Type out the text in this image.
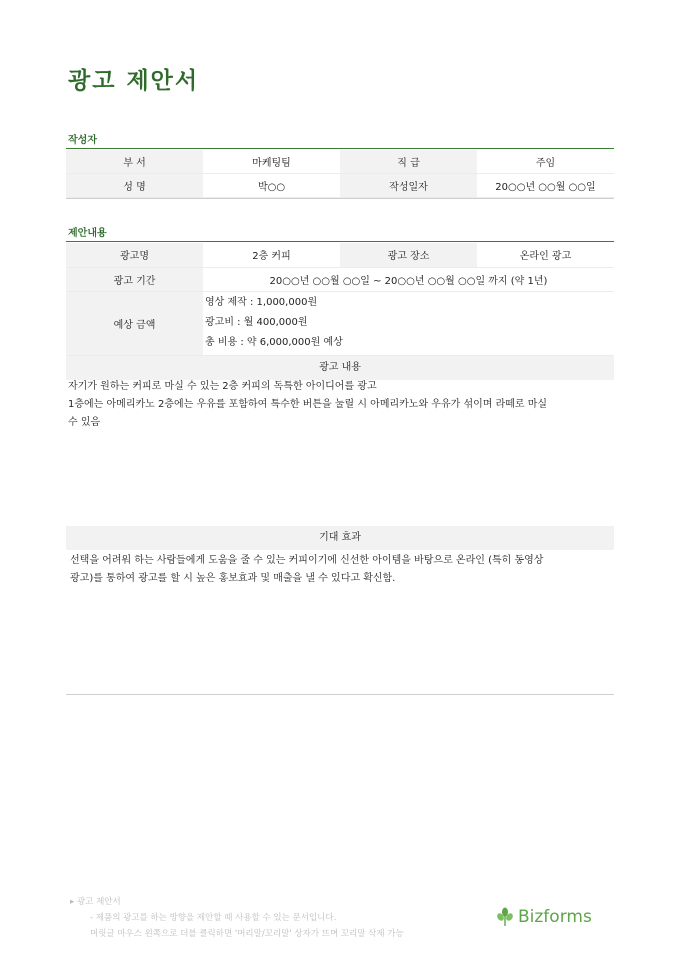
광고 제안서
작성자
부 서	마케팅팀	직 급	주임
성 명	박○○	작성일자	20○○년 ○○월 ○○일
제안내용
광고명	2층 커피	광고 장소	온라인 광고
광고 기간	20○○년 ○○월 ○○일 ~ 20○○년 ○○월 ○○일 까지 (약 1년)		
예상 금액	영상 제작 : 1,000,000원
광고비 : 월 400,000원
총 비용 : 약 6,000,000원 예상		
광고 내용
자기가 원하는 커피로 마실 수 있는 2층 커피의 독특한 아이디어를 광고
1층에는 아메리카노 2층에는 우유를 포함하여 특수한 버튼을 눌릴 시 아메리카노와 우유가 섞이며 라떼로 마실
수 있음
기대 효과
선택을 어려워 하는 사람들에게 도움을 줄 수 있는 커피이기에 신선한 아이템을 바탕으로 온라인 (특히 동영상
광고)를 통하여 광고를 할 시 높은 홍보효과 및 매출을 낼 수 있다고 확신함.
▸ 광고 제안서
- 제품의 광고를 하는 방향을 제안할 때 사용할 수 있는 문서입니다.
머릿글 마우스 왼쪽으로 더블 클릭하면 '머리말/꼬리말' 상자가 뜨며 꼬리말 삭제 가능
Bizforms
